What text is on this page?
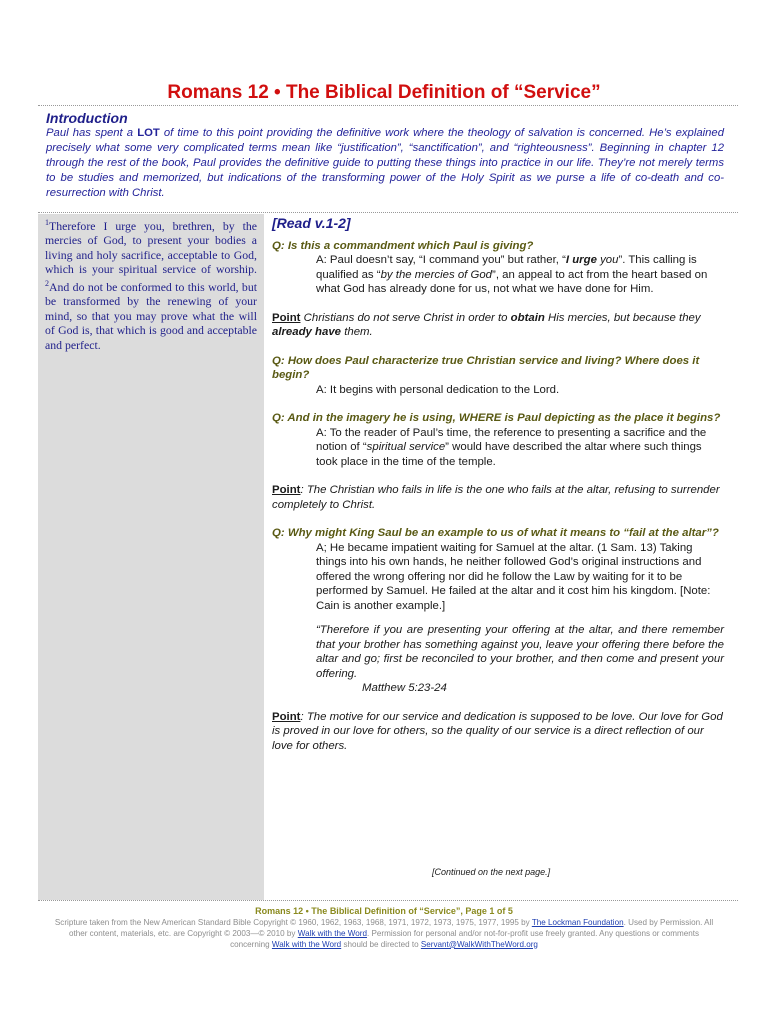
Romans 12 • The Biblical Definition of “Service”
Introduction
Paul has spent a LOT of time to this point providing the definitive work where the theology of salvation is concerned. He’s explained precisely what some very complicated terms mean like “justification”, “sanctification”, and “righteousness”. Beginning in chapter 12 through the rest of the book, Paul provides the definitive guide to putting these things into practice in our life. They’re not merely terms to be studies and memorized, but indications of the transforming power of the Holy Spirit as we purse a life of co-death and co-resurrection with Christ.
$^1$Therefore I urge you, brethren, by the mercies of God, to present your bodies a living and holy sacrifice, acceptable to God, which is your spiritual service of worship. $^2$And do not be conformed to this world, but be transformed by the renewing of your mind, so that you may prove what the will of God is, that which is good and acceptable and perfect.

[Read v.1-2]

Q: Is this a commandment which Paul is giving?

A: Paul doesn’t say, “I command you” but rather, “I urge you”. This calling is qualified as “by the mercies of God”, an appeal to act from the heart based on what God has already done for us, not what we have done for Him.

Point Christians do not serve Christ in order to obtain His mercies, but because they already have them.

Q: How does Paul characterize true Christian service and living? Where does it begin?

A: It begins with personal dedication to the Lord.

Q: And in the imagery he is using, WHERE is Paul depicting as the place it begins?

A: To the reader of Paul’s time, the reference to presenting a sacrifice and the notion of “spiritual service” would have described the altar where such things took place in the time of the temple.

Point: The Christian who fails in life is the one who fails at the altar, refusing to surrender completely to Christ.

Q: Why might King Saul be an example to us of what it means to “fail at the altar”?

A; He became impatient waiting for Samuel at the altar. (1 Sam. 13) Taking things into his own hands, he neither followed God’s original instructions and offered the wrong offering nor did he follow the Law by waiting for it to be performed by Samuel. He failed at the altar and it cost him his kingdom. [Note: Cain is another example.]

“Therefore if you are presenting your offering at the altar, and there remember that your brother has something against you, leave your offering there before the altar and go; first be reconciled to your brother, and then come and present your offering.

Matthew 5:23-24

Point: The motive for our service and dedication is supposed to be love. Our love for God is proved in our love for others, so the quality of our service is a direct reflection of our love for others.

[Continued on the next page.]
Romans 12 • The Biblical Definition of “Service”, Page 1 of 5
Scripture taken from the New American Standard Bible Copyright © 1960, 1962, 1963, 1968, 1971, 1972, 1973, 1975, 1977, 1995 by The Lockman Foundation. Used by Permission. All other content, materials, etc. are Copyright © 2003—© 2010 by Walk with the Word. Permission for personal and/or not-for-profit use freely granted. Any questions or comments concerning Walk with the Word should be directed to Servant@WalkWithTheWord.org
